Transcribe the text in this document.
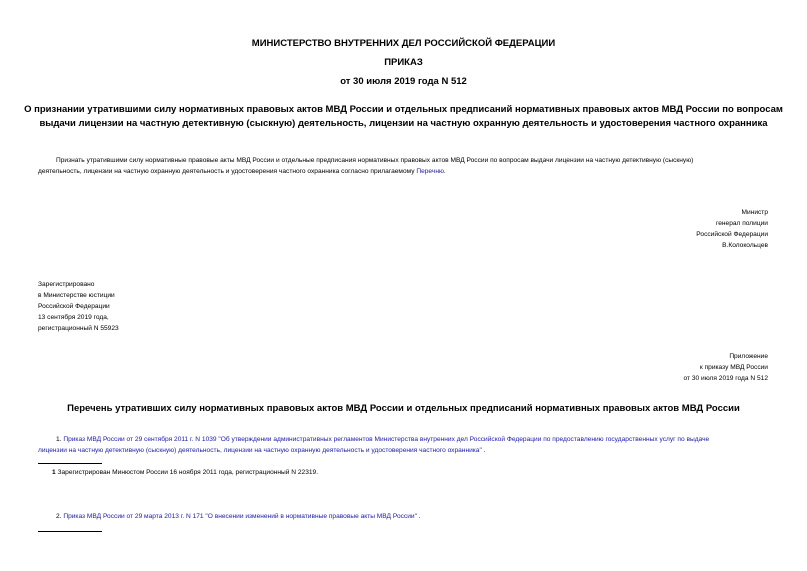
МИНИСТЕРСТВО ВНУТРЕННИХ ДЕЛ РОССИЙСКОЙ ФЕДЕРАЦИИ
ПРИКАЗ
от 30 июля 2019 года N 512
О признании утратившими силу нормативных правовых актов МВД России и отдельных предписаний нормативных правовых актов МВД России по вопросам
выдачи лицензии на частную детективную (сыскную) деятельность, лицензии на частную охранную деятельность и удостоверения частного охранника
Признать утратившими силу нормативные правовые акты МВД России и отдельные предписания нормативных правовых актов МВД России по вопросам выдачи лицензии на частную детективную (сыскную)
деятельность, лицензии на частную охранную деятельность и удостоверения частного охранника согласно прилагаемому Перечню.
Министр
генерал полиции
Российской Федерации
В.Колокольцев
Зарегистрировано
в Министерстве юстиции
Российской Федерации
13 сентября 2019 года,
регистрационный N 55923
Приложение
к приказу МВД России
от 30 июля 2019 года N 512
Перечень утративших силу нормативных правовых актов МВД России и отдельных предписаний нормативных правовых актов МВД России
1. Приказ МВД России от 29 сентября 2011 г. N 1039 "Об утверждении административных регламентов Министерства внутренних дел Российской Федерации по предоставлению государственных услуг по выдаче
лицензии на частную детективную (сыскную) деятельность, лицензии на частную охранную деятельность и удостоверения частного охранника" .
1 Зарегистрирован Минюстом России 16 ноября 2011 года, регистрационный N 22319.
2. Приказ МВД России от 29 марта 2013 г. N 171 "О внесении изменений в нормативные правовые акты МВД России" .
